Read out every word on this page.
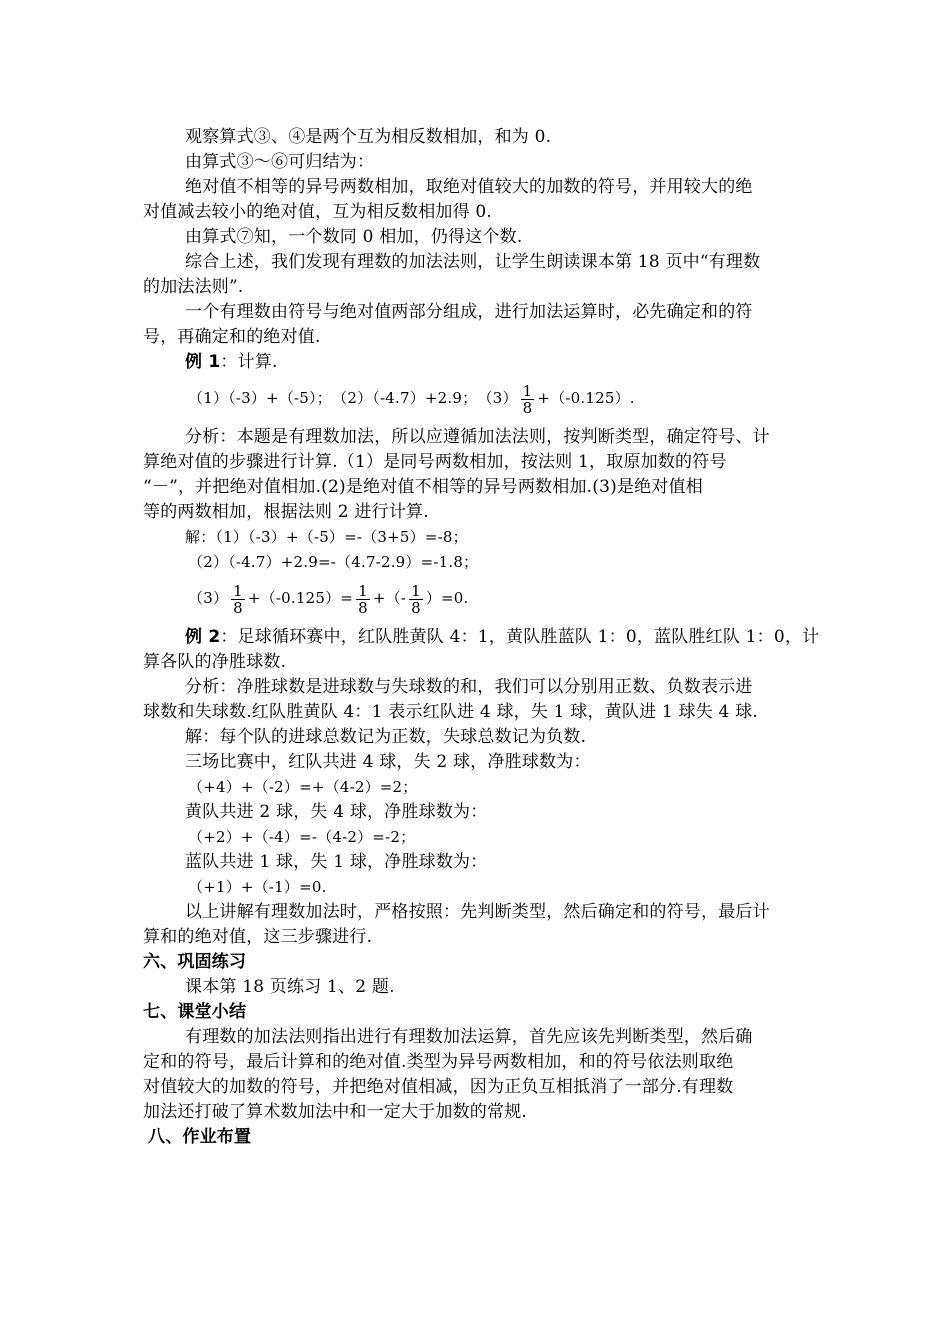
观察算式③、④是两个互为相反数相加，和为 0.

由算式③～⑥可归结为：

绝对值不相等的异号两数相加，取绝对值较大的加数的符号，并用较大的绝

对值减去较小的绝对值，互为相反数相加得 0.

由算式⑦知，一个数同 0 相加，仍得这个数.

综合上述，我们发现有理数的加法法则，让学生朗读课本第 18 页中“有理数

的加法法则”.

一个有理数由符号与绝对值两部分组成，进行加法运算时，必先确定和的符

号，再确定和的绝对值.

例 1：计算.

（1）（-3）+（-5）；　（2）（-4.7）+2.9；　$(3) \frac{1}{8} +(-0.125)$.

分析：本题是有理数加法，所以应遵循加法法则，按判断类型，确定符号、计

算绝对值的步骤进行计算.（1）是同号两数相加，按法则 1，取原加数的符号

“－”，并把绝对值相加.(2)是绝对值不相等的异号两数相加.(3)是绝对值相

等的两数相加，根据法则 2 进行计算.

解：（1）（-3）+（-5）=-（3+5）=-8；

（2）（-4.7）+2.9=-（4.7-2.9）=-1.8；

$(3) \frac{1}{8} +(-0.125)= \frac{1}{8}$ +（- $\frac{1}{8} )=0$.

例 2：足球循环赛中，红队胜黄队 4：1，黄队胜蓝队 1：0，蓝队胜红队 1：0，计

算各队的净胜球数.

分析：净胜球数是进球数与失球数的和，我们可以分别用正数、负数表示进

球数和失球数.红队胜黄队 4：1 表示红队进 4 球，失 1 球，黄队进 1 球失 4 球.

解：每个队的进球总数记为正数，失球总数记为负数.

三场比赛中，红队共进 4 球，失 2 球，净胜球数为：

（+4）+（-2）=+（4-2）=2；

黄队共进 2 球，失 4 球，净胜球数为：

（+2）+（-4）=-（4-2）=-2；

蓝队共进 1 球，失 1 球，净胜球数为：

（+1）+（-1）=0.

以上讲解有理数加法时，严格按照：先判断类型，然后确定和的符号，最后计

算和的绝对值，这三步骤进行.

六、巩固练习

课本第 18 页练习 1、2 题.

七、课堂小结

有理数的加法法则指出进行有理数加法运算，首先应该先判断类型，然后确

定和的符号，最后计算和的绝对值.类型为异号两数相加，和的符号依法则取绝

对值较大的加数的符号，并把绝对值相减，因为正负互相抵消了一部分.有理数

加法还打破了算术数加法中和一定大于加数的常规.

八、作业布置
